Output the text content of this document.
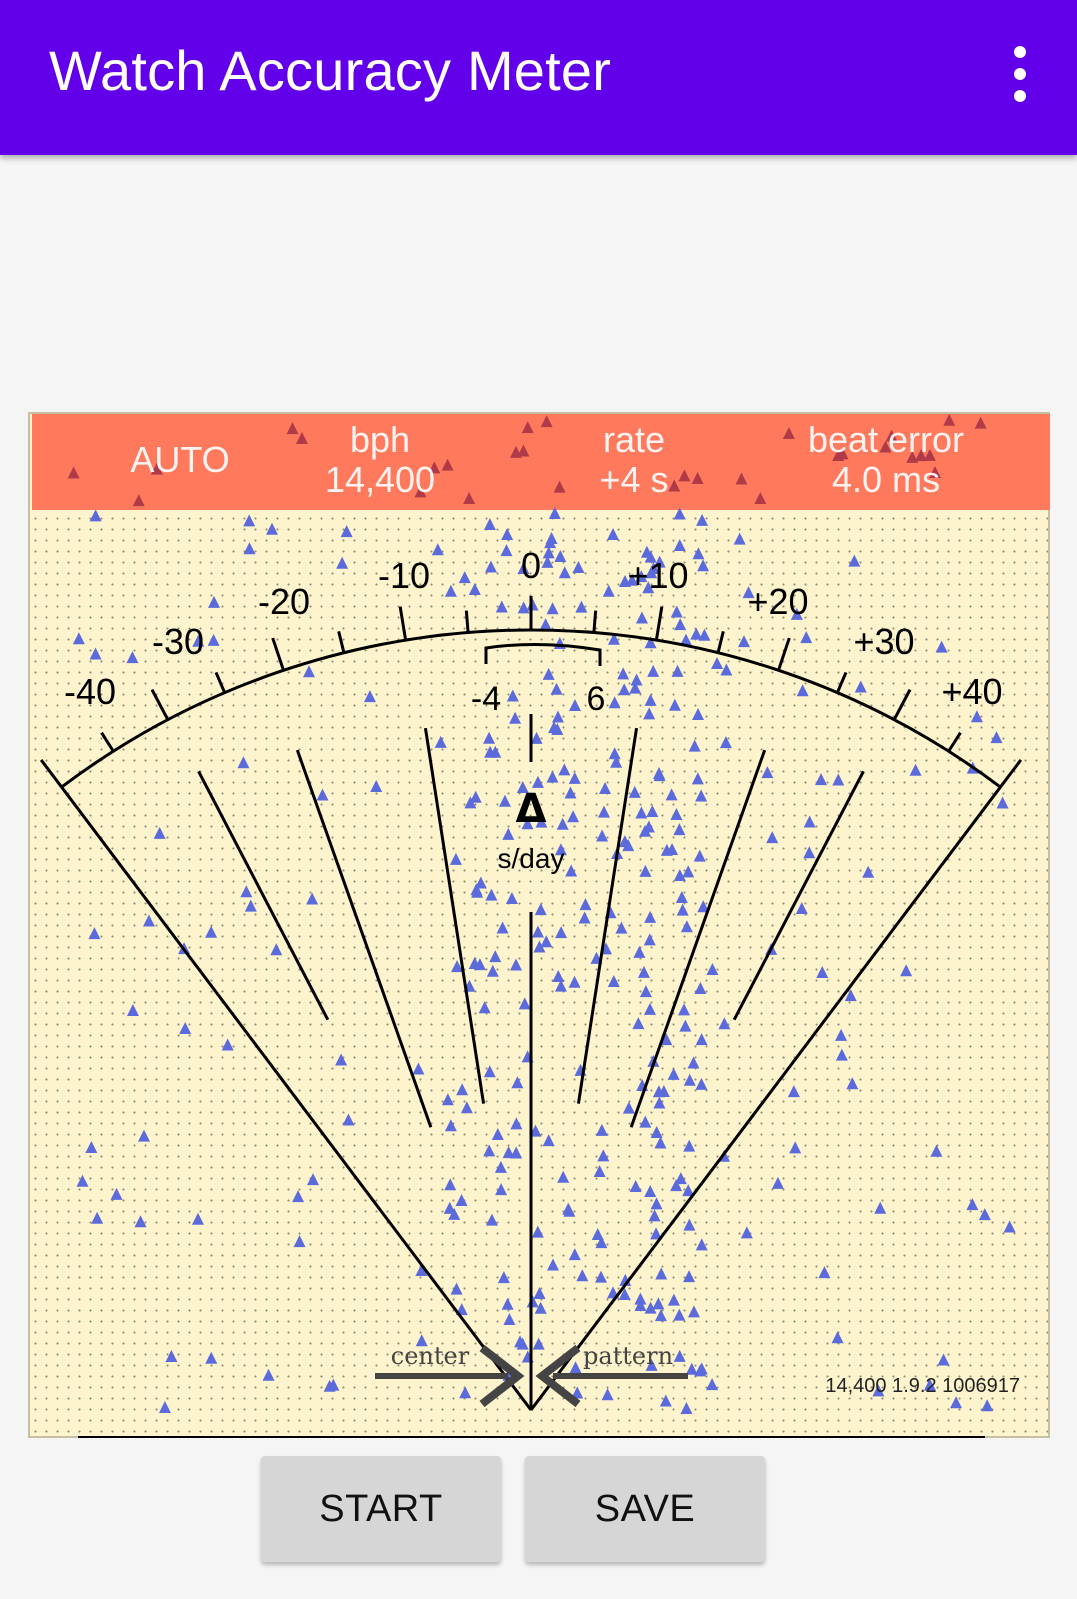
Watch Accuracy Meter
AUTO	bph
14,400
rate
+4 s
beat error
4.0 ms
-40
-30
-20
-10	0 +10
+20
+30
+40
-4	6
Δ
s/day
center	pattern
14,400 1.9.2 1006917
START	SAVE
